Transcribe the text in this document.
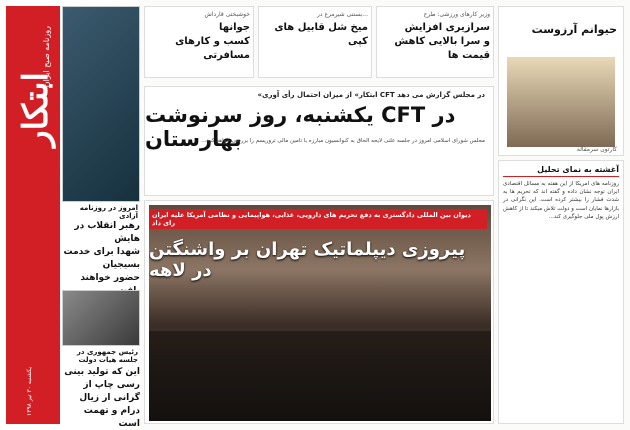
ابتکار
روزنامه صبح ایران
یکشنبه ۳۰ تیر ۱۳۹۸
امروز در روزنامه آزادی
رهبر انقلاب در هایش
شهدا برای خدمت بسیجیان
حضور خواهند
رئیس جمهوری در جلسه هیات دولت
این که تولید بینی
رسی چاپ از گرانی ار زیال
درام و تهمت است
وزیر کارهای ورزشی: طرح
سرازیری افزایش
و سرا بالایی کاهش قیمت ها
بستنی شیرمرغ در...
میخ شل قابیل های
کپی
خوشبختی قارداش
جوانها
کسب و کارهای مسافرتی
حیوانم آرزوست
کارتون سرمقاله
«ابتکار» از میزان احتمال رأی آوری CFT در مجلس گزارش می دهد
یکشنبه، روز سرنوشت CFT در بهارستان
مجلس شورای اسلامی امروز در جلسه علنی لایحه الحاق به کنوانسیون مبارزه با تامین مالی تروریسم را بررسی خواهد کرد...
دیوان بین المللی دادگستری به دفع تحریم های دارویی، غذایی، هواپیمایی و نظامی آمریکا علیه ایران رای داد
پیروزی دیپلماتیک تهران بر واشنگتن در لاهه
آغشته به نمای تحلیل
روزنامه های امریکا از این هفته به مسائل اقتصادی ایران توجه نشان داده و گفته اند که تحریم ها به شدت فشار را بیشتر کرده است. این نگرانی در بازارها نمایان است و دولت تلاش میکند تا از کاهش ارزش پول ملی جلوگیری کند...
